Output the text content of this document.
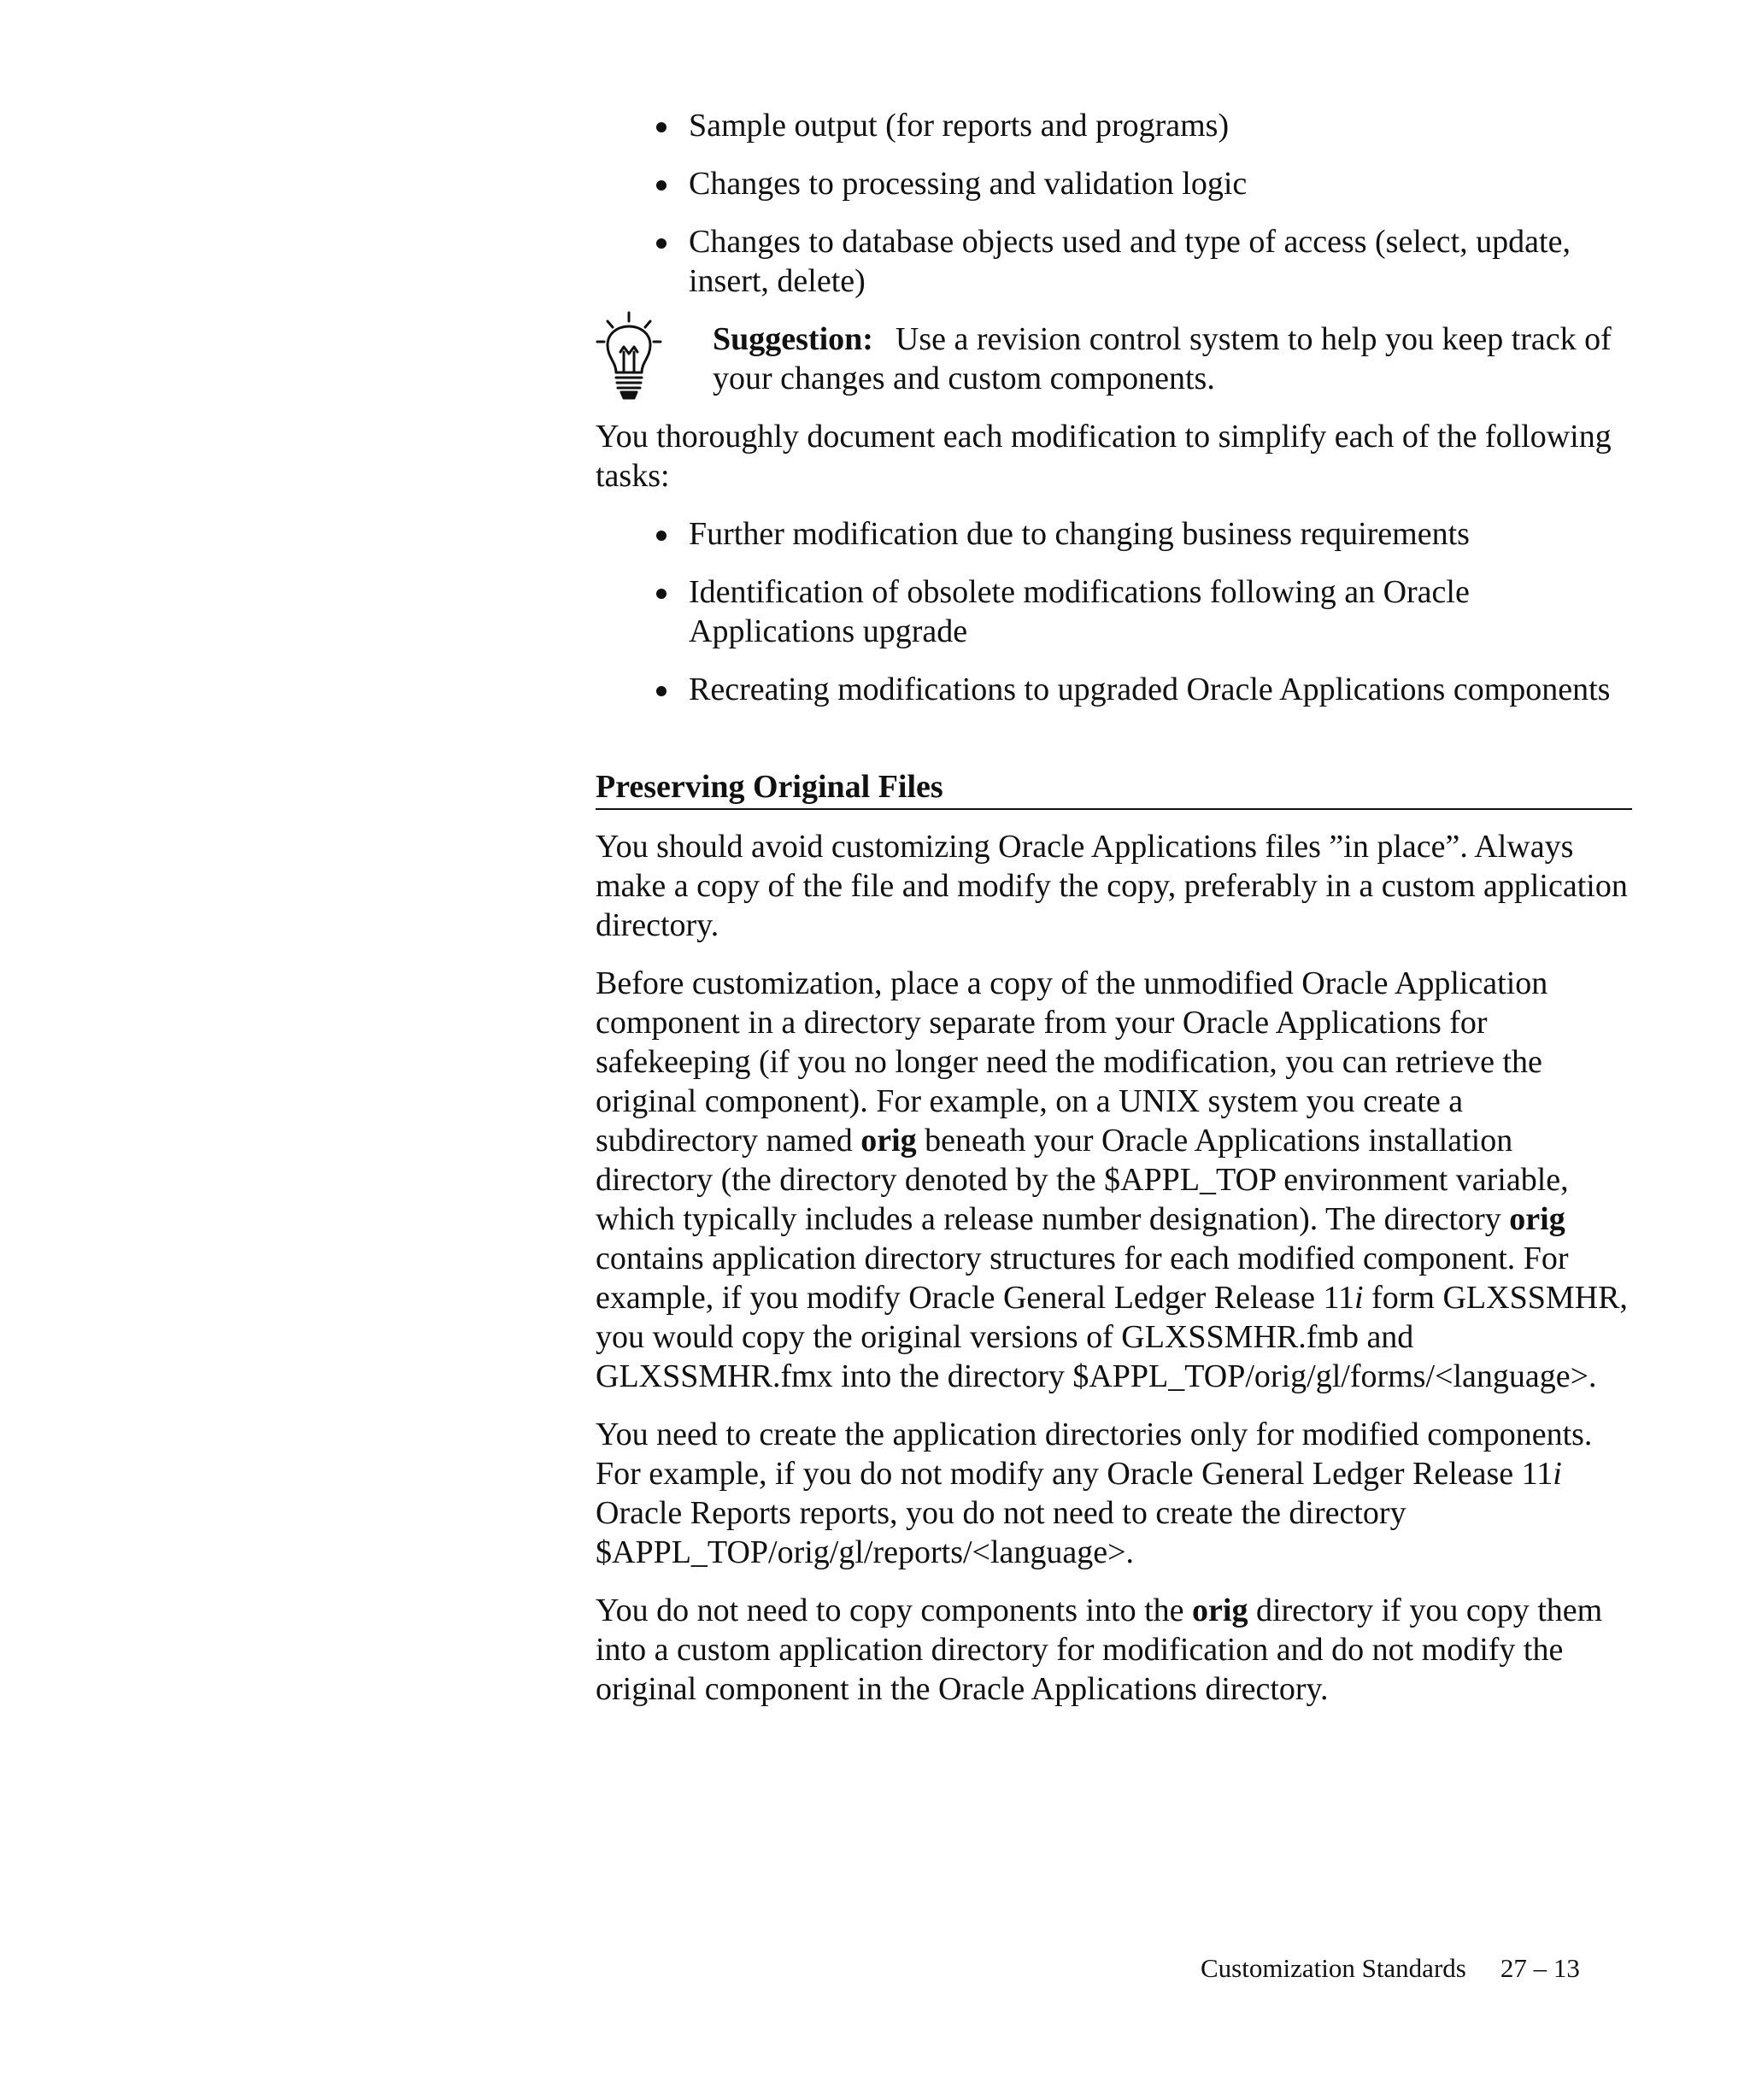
Sample output (for reports and programs)
Changes to processing and validation logic
Changes to database objects used and type of access (select, update, insert, delete)
Suggestion: Use a revision control system to help you keep track of your changes and custom components.

You thoroughly document each modification to simplify each of the following tasks:

Further modification due to changing business requirements
Identification of obsolete modifications following an Oracle Applications upgrade
Recreating modifications to upgraded Oracle Applications components
Preserving Original Files

You should avoid customizing Oracle Applications files ”in place”. Always make a copy of the file and modify the copy, preferably in a custom application directory.

Before customization, place a copy of the unmodified Oracle Application component in a directory separate from your Oracle Applications for safekeeping (if you no longer need the modification, you can retrieve the original component). For example, on a UNIX system you create a subdirectory named orig beneath your Oracle Applications installation directory (the directory denoted by the $APPL_TOP environment variable, which typically includes a release number designation). The directory orig contains application directory structures for each modified component. For example, if you modify Oracle General Ledger Release 11i form GLXSSMHR, you would copy the original versions of GLXSSMHR.fmb and GLXSSMHR.fmx into the directory $APPL_TOP/orig/gl/forms/<language>.

You need to create the application directories only for modified components. For example, if you do not modify any Oracle General Ledger Release 11i Oracle Reports reports, you do not need to create the directory $APPL_TOP/orig/gl/reports/<language>.

You do not need to copy components into the orig directory if you copy them into a custom application directory for modification and do not modify the original component in the Oracle Applications directory.

Customization Standards 27 – 13
